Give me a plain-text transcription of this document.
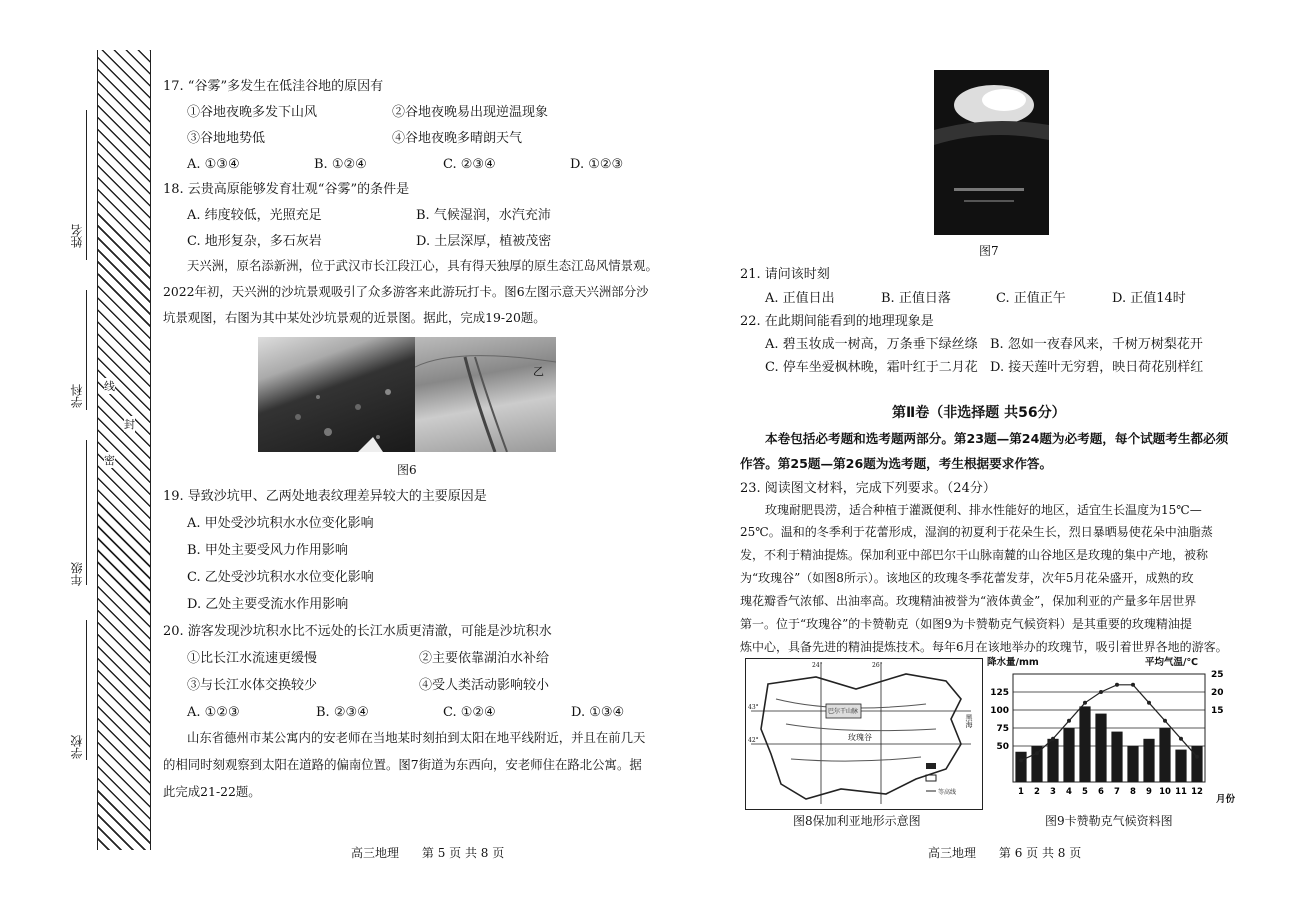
姓名
学科
年级
学校
线
封
密
17. “谷雾”多发生在低洼谷地的原因有
①谷地夜晚多发下山风	②谷地夜晚易出现逆温现象
③谷地地势低	④谷地夜晚多晴朗天气
A. ①③④	B. ①②④	C. ②③④	D. ①②③
18. 云贵高原能够发育壮观“谷雾”的条件是
A. 纬度较低，光照充足	B. 气候湿润，水汽充沛
C. 地形复杂，多石灰岩	D. 土层深厚，植被茂密
天兴洲，原名添新洲，位于武汉市长江段江心，具有得天独厚的原生态江岛风情景观。
2022年初，天兴洲的沙坑景观吸引了众多游客来此游玩打卡。图6左图示意天兴洲部分沙
坑景观图，右图为其中某处沙坑景观的近景图。据此，完成19-20题。
乙
图6
19. 导致沙坑甲、乙两处地表纹理差异较大的主要原因是
A. 甲处受沙坑积水水位变化影响
B. 甲处主要受风力作用影响
C. 乙处受沙坑积水水位变化影响
D. 乙处主要受流水作用影响
20. 游客发现沙坑积水比不远处的长江水质更清澈，可能是沙坑积水
①比长江水流速更缓慢	②主要依靠湖泊水补给
③与长江水体交换较少	④受人类活动影响较小
A. ①②③	B. ②③④	C. ①②④	D. ①③④
山东省德州市某公寓内的安老师在当地某时刻拍到太阳在地平线附近，并且在前几天
的相同时刻观察到太阳在道路的偏南位置。图7街道为东西向，安老师住在路北公寓。据
此完成21-22题。
高三地理      第 5 页 共 8 页
图7
21. 请问该时刻
A. 正值日出	B. 正值日落	C. 正值正午	D. 正值14时
22. 在此期间能看到的地理现象是
A. 碧玉妆成一树高，万条垂下绿丝绦 B. 忽如一夜春风来，千树万树梨花开
C. 停车坐爱枫林晚，霜叶红于二月花 D. 接天莲叶无穷碧，映日荷花别样红
第Ⅱ卷（非选择题 共56分）
本卷包括必考题和选考题两部分。第23题—第24题为必考题，每个试题考生都必须
作答。第25题—第26题为选考题，考生根据要求作答。
23. 阅读图文材料，完成下列要求。（24分）
玫瑰耐肥畏涝，适合种植于灌溉便利、排水性能好的地区，适宜生长温度为15℃—
25℃。温和的冬季利于花蕾形成，湿润的初夏利于花朵生长，烈日暴晒易使花朵中油脂蒸
发，不利于精油提炼。保加利亚中部巴尔干山脉南麓的山谷地区是玫瑰的集中产地，被称
为“玫瑰谷”（如图8所示）。该地区的玫瑰冬季花蕾发芽，次年5月花朵盛开，成熟的玫
瑰花瓣香气浓郁、出油率高。玫瑰精油被誉为“液体黄金”，保加利亚的产量多年居世界
第一。位于“玫瑰谷”的卡赞勒克（如图9为卡赞勒克气候资料）是其重要的玫瑰精油提
炼中心，具备先进的精油提炼技术。每年6月在该地举办的玫瑰节，吸引着世界各地的游客。
24°	26°
43°
42°
巴尔干山脉
玫瑰谷
黑海
等高线
图8保加利亚地形示意图
50
75
100
125
15
20
25
1 2 3 4 5 6 7 8 9 10 11 12
降水量/mm	平均气温/℃
月份
图9卡赞勒克气候资料图
高三地理      第 6 页 共 8 页
